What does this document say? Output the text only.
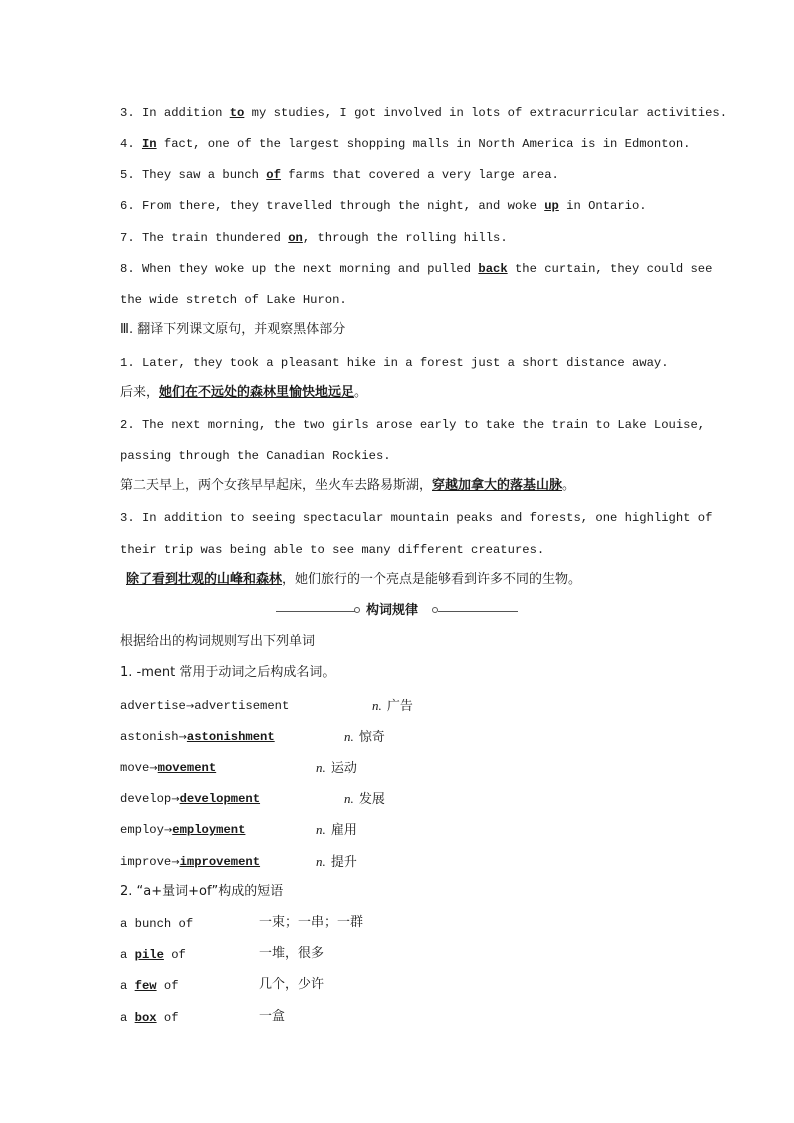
3. In addition to my studies, I got involved in lots of extracurricular activities.
4. In fact, one of the largest shopping malls in North America is in Edmonton.
5. They saw a bunch of farms that covered a very large area.
6. From there, they travelled through the night, and woke up in Ontario.
7. The train thundered on, through the rolling hills.
8. When they woke up the next morning and pulled back the curtain, they could see
the wide stretch of Lake Huron.
Ⅲ. 翻译下列课文原句，并观察黑体部分
1. Later, they took a pleasant hike in a forest just a short distance away.
后来，她们在不远处的森林里愉快地远足。
2. The next morning, the two girls arose early to take the train to Lake Louise,
passing through the Canadian Rockies.
第二天早上，两个女孩早早起床，坐火车去路易斯湖，穿越加拿大的落基山脉。
3. In addition to seeing spectacular mountain peaks and forests, one highlight of
their trip was being able to see many different creatures.
除了看到壮观的山峰和森林，她们旅行的一个亮点是能够看到许多不同的生物。
构词规律
根据给出的构词规则写出下列单词
1. -ment 常用于动词之后构成名词。
advertise→advertisement	n. 广告
astonish→astonishment	n. 惊奇
move→movement	n. 运动
develop→development	n. 发展
employ→employment	n. 雇用
improve→improvement	n. 提升
2. “a+量词+of”构成的短语
a bunch of	一束；一串；一群
a pile of	一堆，很多
a few of	几个，少许
a box of	一盒
